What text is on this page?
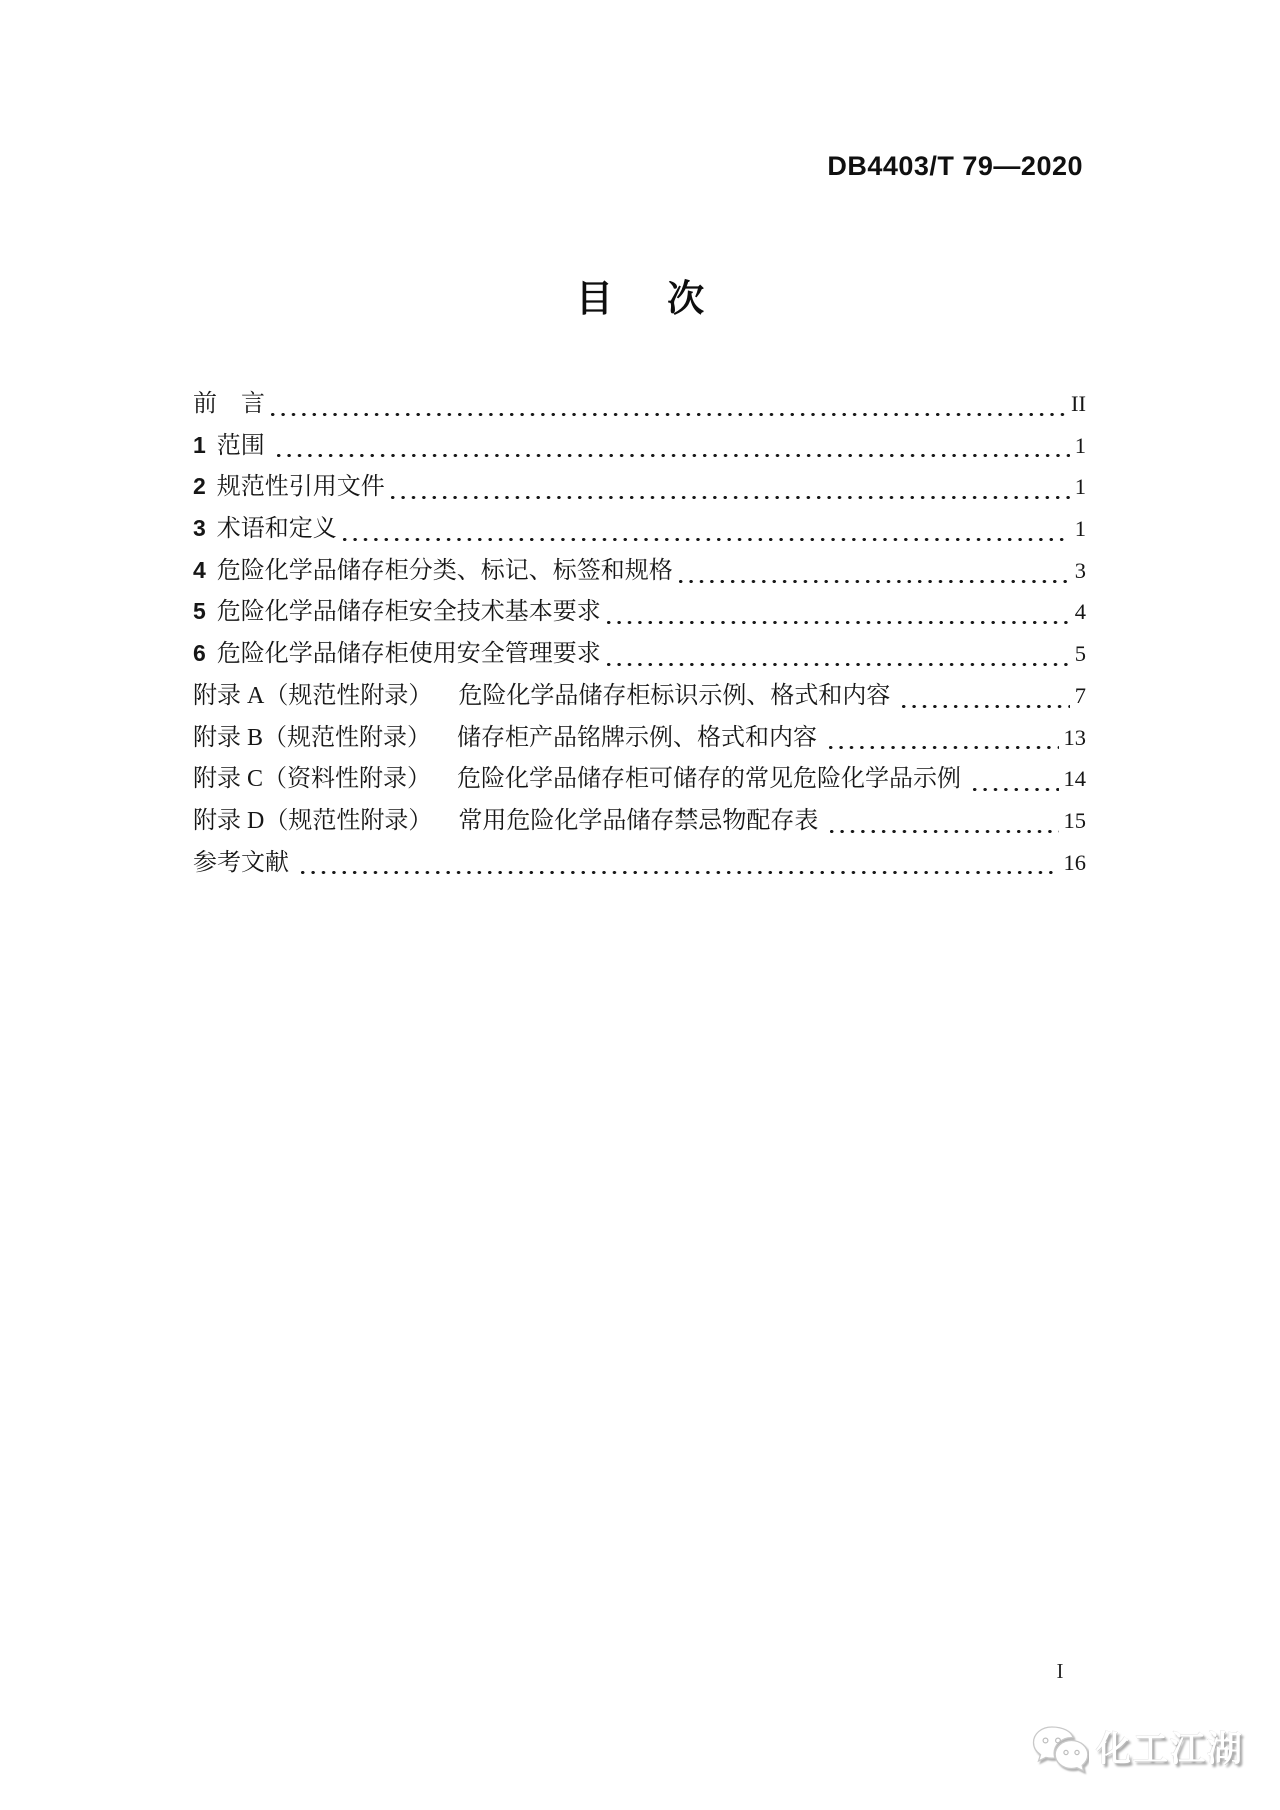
DB4403/T 79—2020
目 次
前　言	II
1 范围	1
2 规范性引用文件	1
3 术语和定义	1
4 危险化学品储存柜分类、标记、标签和规格	3
5 危险化学品储存柜安全技术基本要求	4
6 危险化学品储存柜使用安全管理要求	5
附录 A（规范性附录） 危险化学品储存柜标识示例、格式和内容	7
附录 B（规范性附录） 储存柜产品铭牌示例、格式和内容	13
附录 C（资料性附录） 危险化学品储存柜可储存的常见危险化学品示例	14
附录 D（规范性附录） 常用危险化学品储存禁忌物配存表	15
参考文献	16
I
化工江湖
